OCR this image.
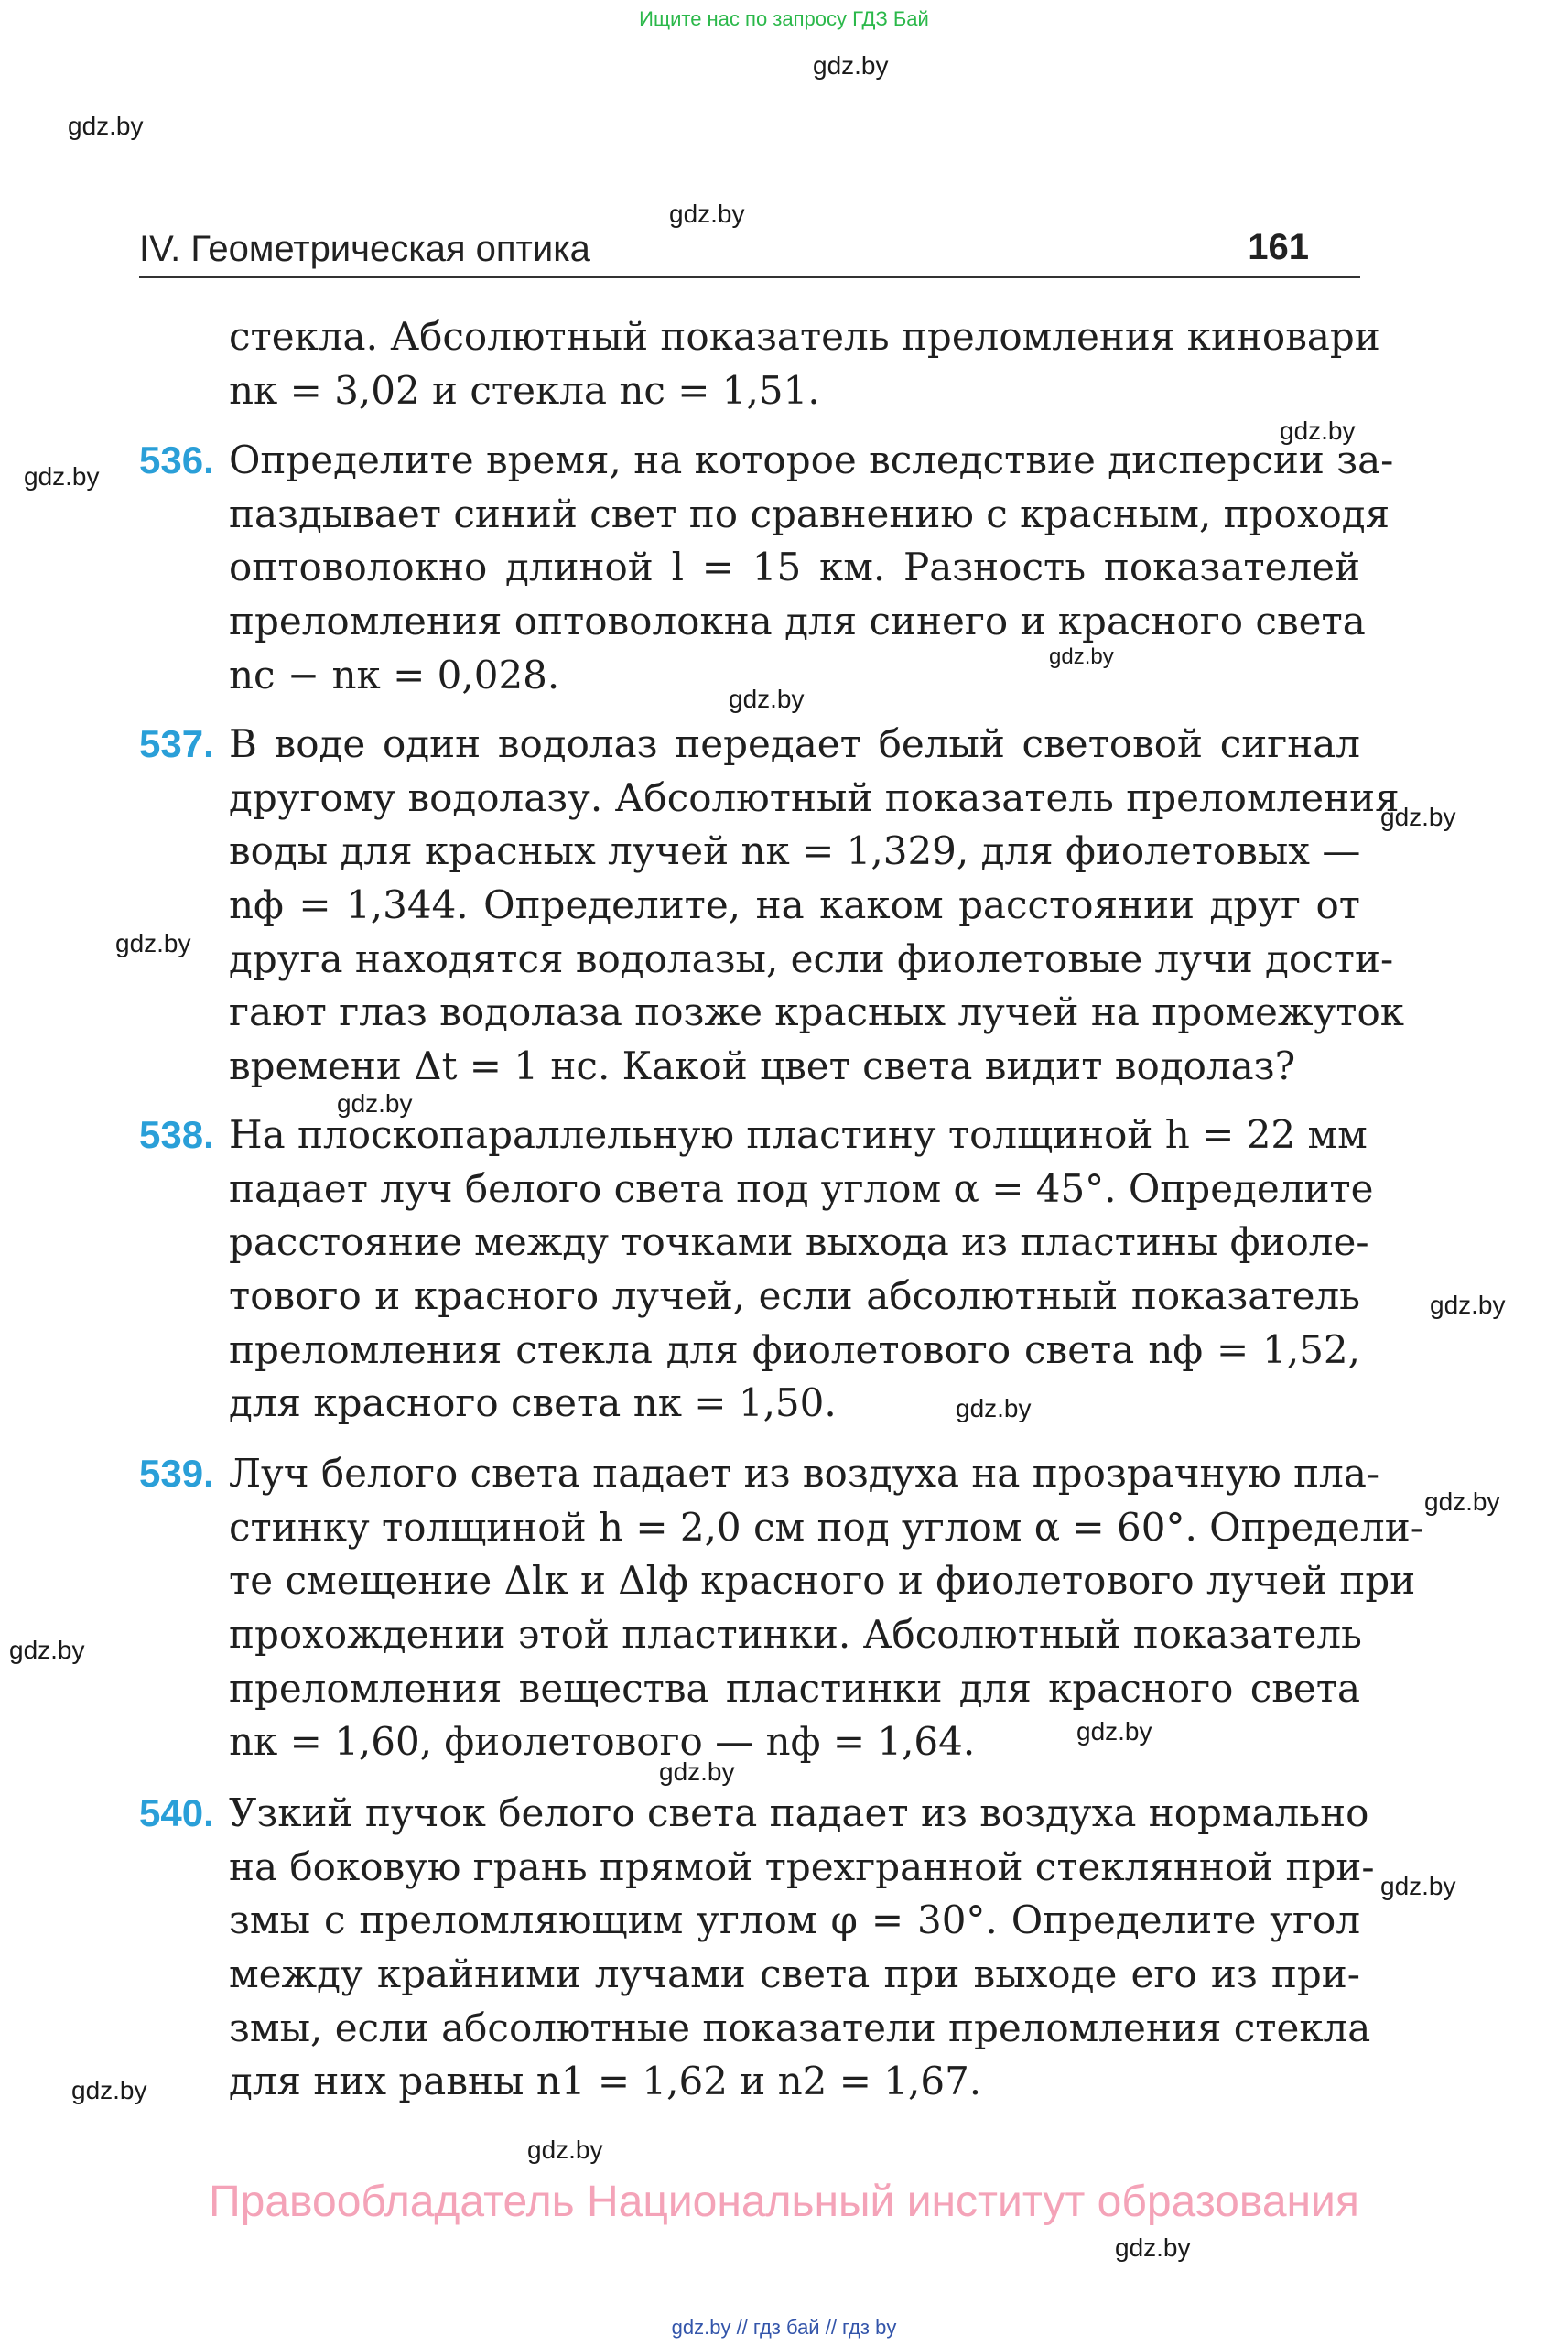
Ищите нас по запросу ГДЗ Бай
gdz.by
gdz.by
gdz.by
gdz.by
gdz.by
gdz.by
gdz.by
gdz.by
gdz.by
gdz.by
gdz.by
gdz.by
gdz.by
gdz.by
gdz.by
gdz.by
gdz.by
gdz.by
gdz.by
gdz.by
IV. Геометрическая оптика	161
стекла. Абсолютный показатель преломления киновари
nк = 3,02 и стекла nс = 1,51.
536. Определите время, на которое вследствие дисперсии за-
паздывает синий свет по сравнению с красным, проходя
оптоволокно длиной l = 15 км. Разность показателей
преломления оптоволокна для синего и красного света
nс − nк = 0,028.
537. В воде один водолаз передает белый световой сигнал
другому водолазу. Абсолютный показатель преломления
воды для красных лучей nк = 1,329, для фиолетовых —
nф = 1,344. Определите, на каком расстоянии друг от
друга находятся водолазы, если фиолетовые лучи дости-
гают глаз водолаза позже красных лучей на промежуток
времени Δt = 1 нс. Какой цвет света видит водолаз?
538. На плоскопараллельную пластину толщиной h = 22 мм
падает луч белого света под углом α = 45°. Определите
расстояние между точками выхода из пластины фиоле-
тового и красного лучей, если абсолютный показатель
преломления стекла для фиолетового света nф = 1,52,
для красного света nк = 1,50.
539. Луч белого света падает из воздуха на прозрачную пла-
стинку толщиной h = 2,0 см под углом α = 60°. Определи-
те смещение Δlк и Δlф красного и фиолетового лучей при
прохождении этой пластинки. Абсолютный показатель
преломления вещества пластинки для красного света
nк = 1,60, фиолетового — nф = 1,64.
540. Узкий пучок белого света падает из воздуха нормально
на боковую грань прямой трехгранной стеклянной при-
змы с преломляющим углом φ = 30°. Определите угол
между крайними лучами света при выходе его из при-
змы, если абсолютные показатели преломления стекла
для них равны n1 = 1,62 и n2 = 1,67.
Правообладатель Национальный институт образования
gdz.by // гдз бай // гдз by
